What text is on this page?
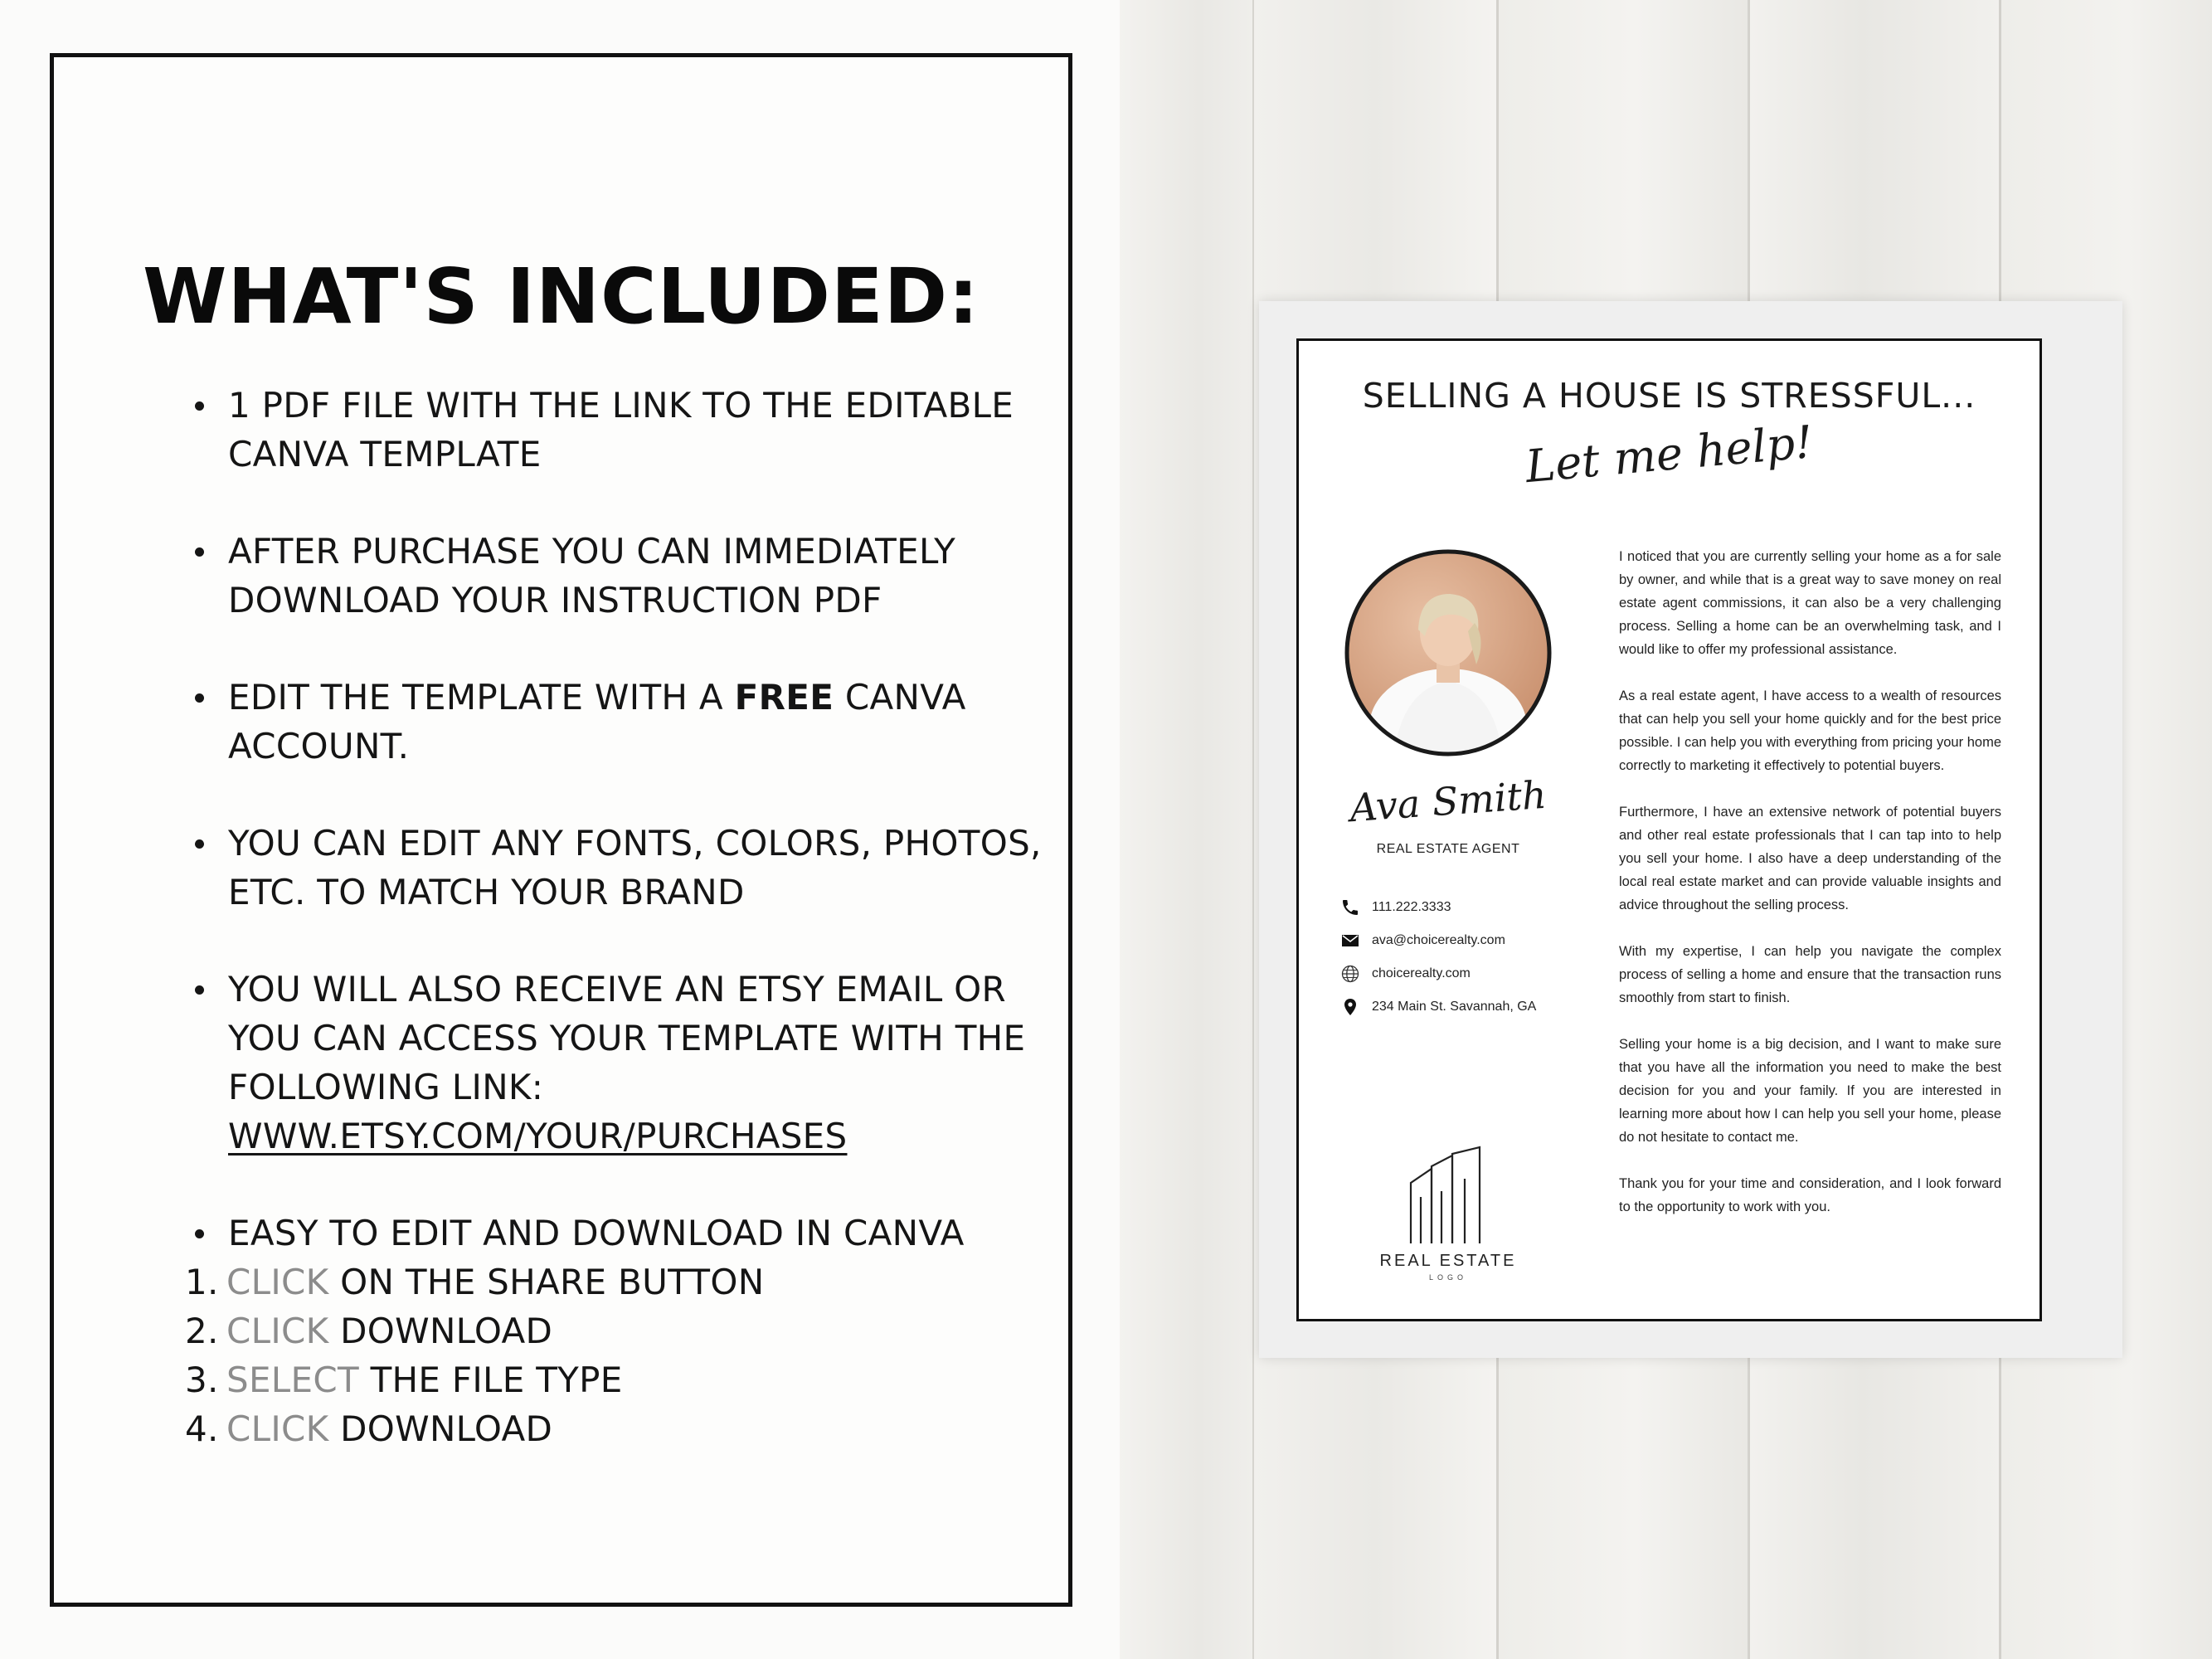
WHAT'S INCLUDED:
1 PDF FILE WITH THE LINK TO THE EDITABLE CANVA TEMPLATE
AFTER PURCHASE YOU CAN IMMEDIATELY DOWNLOAD YOUR INSTRUCTION PDF
EDIT THE TEMPLATE WITH A FREE CANVA ACCOUNT.
YOU CAN EDIT ANY FONTS, COLORS, PHOTOS, ETC. TO MATCH YOUR BRAND
YOU WILL ALSO RECEIVE AN ETSY EMAIL OR YOU CAN ACCESS YOUR TEMPLATE WITH THE FOLLOWING LINK:
WWW.ETSY.COM/YOUR/PURCHASES
EASY TO EDIT AND DOWNLOAD IN CANVA
1. CLICK ON THE SHARE BUTTON
2. CLICK DOWNLOAD
3. SELECT THE FILE TYPE
4. CLICK DOWNLOAD
SELLING A HOUSE IS STRESSFUL...
Let me help!
Ava Smith
REAL ESTATE AGENT
111.222.3333
ava@choicerealty.com
choicerealty.com
234 Main St. Savannah, GA
REAL ESTATE
LOGO

I noticed that you are currently selling your home as a for sale by owner, and while that is a great way to save money on real estate agent commissions, it can also be a very challenging process. Selling a home can be an overwhelming task, and I would like to offer my professional assistance.

As a real estate agent, I have access to a wealth of resources that can help you sell your home quickly and for the best price possible. I can help you with everything from pricing your home correctly to marketing it effectively to potential buyers.

Furthermore, I have an extensive network of potential buyers and other real estate professionals that I can tap into to help you sell your home. I also have a deep understanding of the local real estate market and can provide valuable insights and advice throughout the selling process.

With my expertise, I can help you navigate the complex process of selling a home and ensure that the transaction runs smoothly from start to finish.

Selling your home is a big decision, and I want to make sure that you have all the information you need to make the best decision for you and your family. If you are interested in learning more about how I can help you sell your home, please do not hesitate to contact me.

Thank you for your time and consideration, and I look forward to the opportunity to work with you.
